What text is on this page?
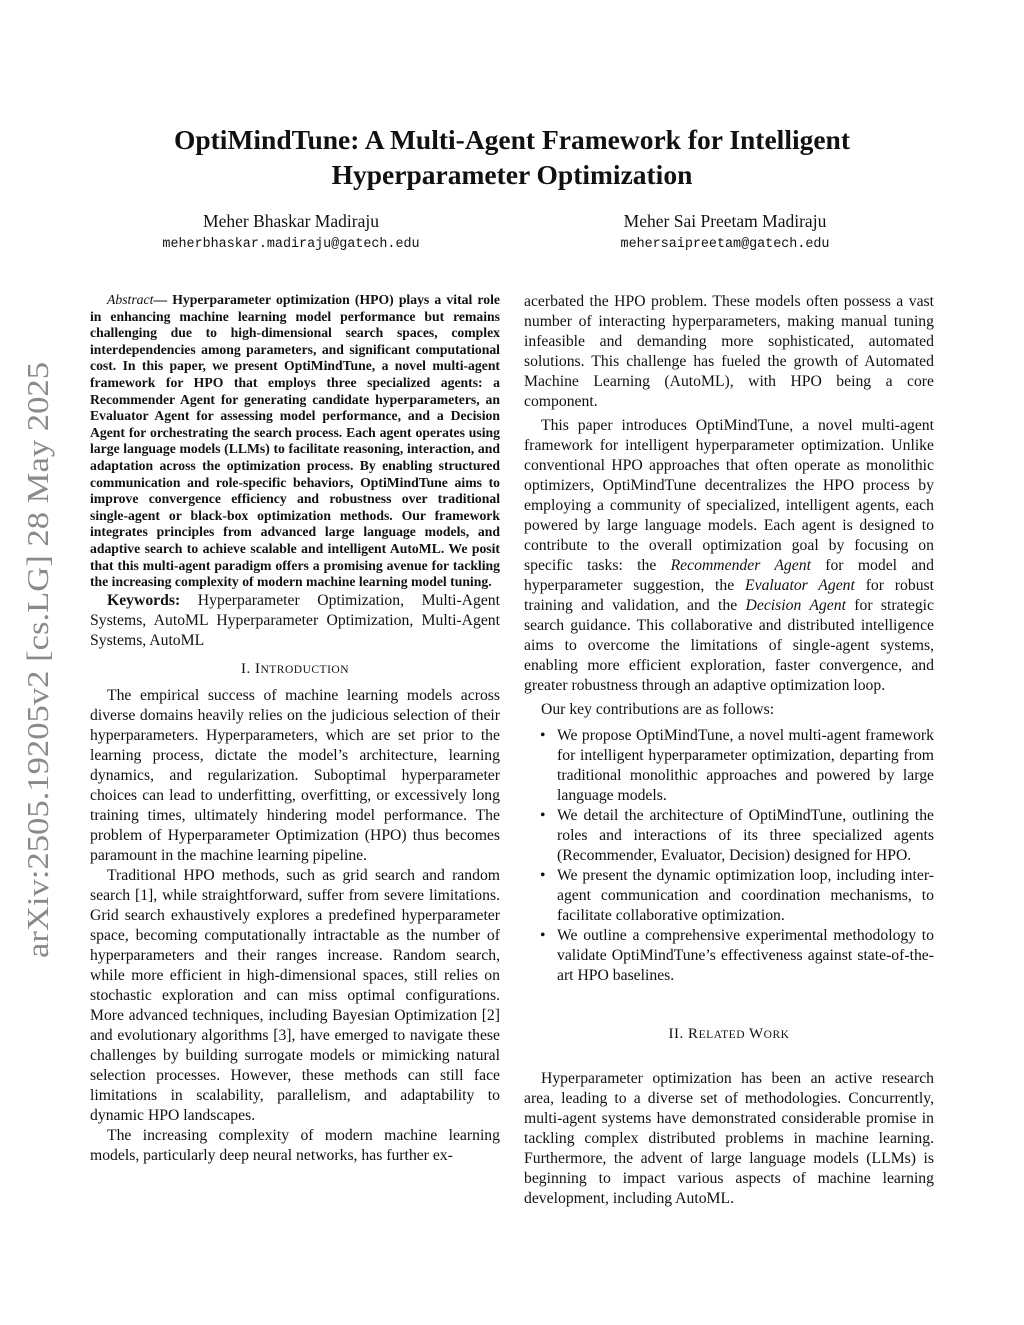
arXiv:2505.19205v2 [cs.LG] 28 May 2025
OptiMindTune: A Multi-Agent Framework for Intelligent
Hyperparameter Optimization
Meher Bhaskar Madiraju
meherbhaskar.madiraju@gatech.edu
Meher Sai Preetam Madiraju
mehersaipreetam@gatech.edu

Abstract— Hyperparameter optimization (HPO) plays a vital role in enhancing machine learning model performance but remains challenging due to high-dimensional search spaces, complex interdependencies among parameters, and significant computational cost. In this paper, we present OptiMindTune, a novel multi-agent framework for HPO that employs three specialized agents: a Recommender Agent for generating candidate hyperparameters, an Evaluator Agent for assessing model performance, and a Decision Agent for orchestrating the search process. Each agent operates using large language models (LLMs) to facilitate reasoning, interaction, and adaptation across the optimization process. By enabling structured communication and role-specific behaviors, OptiMindTune aims to improve convergence efficiency and robustness over traditional single-agent or black-box optimization methods. Our framework integrates principles from advanced large language models, and adaptive search to achieve scalable and intelligent AutoML. We posit that this multi-agent paradigm offers a promising avenue for tackling the increasing complexity of modern machine learning model tuning.

Keywords: Hyperparameter Optimization, Multi-Agent Systems, AutoML Hyperparameter Optimization, Multi-Agent Systems, AutoML

I. INTRODUCTION

The empirical success of machine learning models across diverse domains heavily relies on the judicious selection of their hyperparameters. Hyperparameters, which are set prior to the learning process, dictate the model’s architecture, learning dynamics, and regularization. Suboptimal hyperparameter choices can lead to underfitting, overfitting, or excessively long training times, ultimately hindering model performance. The problem of Hyperparameter Optimization (HPO) thus becomes paramount in the machine learning pipeline.

Traditional HPO methods, such as grid search and random search [1], while straightforward, suffer from severe limitations. Grid search exhaustively explores a predefined hyperparameter space, becoming computationally intractable as the number of hyperparameters and their ranges increase. Random search, while more efficient in high-dimensional spaces, still relies on stochastic exploration and can miss optimal configurations. More advanced techniques, including Bayesian Optimization [2] and evolutionary algorithms [3], have emerged to navigate these challenges by building surrogate models or mimicking natural selection processes. However, these methods can still face limitations in scalability, parallelism, and adaptability to dynamic HPO landscapes.

The increasing complexity of modern machine learning models, particularly deep neural networks, has further ex-

acerbated the HPO problem. These models often possess a vast number of interacting hyperparameters, making manual tuning infeasible and demanding more sophisticated, automated solutions. This challenge has fueled the growth of Automated Machine Learning (AutoML), with HPO being a core component.

This paper introduces OptiMindTune, a novel multi-agent framework for intelligent hyperparameter optimization. Unlike conventional HPO approaches that often operate as monolithic optimizers, OptiMindTune decentralizes the HPO process by employing a community of specialized, intelligent agents, each powered by large language models. Each agent is designed to contribute to the overall optimization goal by focusing on specific tasks: the Recommender Agent for model and hyperparameter suggestion, the Evaluator Agent for robust training and validation, and the Decision Agent for strategic search guidance. This collaborative and distributed intelligence aims to overcome the limitations of single-agent systems, enabling more efficient exploration, faster convergence, and greater robustness through an adaptive optimization loop.

Our key contributions are as follows:

• We propose OptiMindTune, a novel multi-agent framework for intelligent hyperparameter optimization, departing from traditional monolithic approaches and powered by large language models.
• We detail the architecture of OptiMindTune, outlining the roles and interactions of its three specialized agents (Recommender, Evaluator, Decision) designed for HPO.
• We present the dynamic optimization loop, including inter-agent communication and coordination mechanisms, to facilitate collaborative optimization.
• We outline a comprehensive experimental methodology to validate OptiMindTune’s effectiveness against state-of-the-art HPO baselines.
II. RELATED WORK

Hyperparameter optimization has been an active research area, leading to a diverse set of methodologies. Concurrently, multi-agent systems have demonstrated considerable promise in tackling complex distributed problems in machine learning. Furthermore, the advent of large language models (LLMs) is beginning to impact various aspects of machine learning development, including AutoML.
